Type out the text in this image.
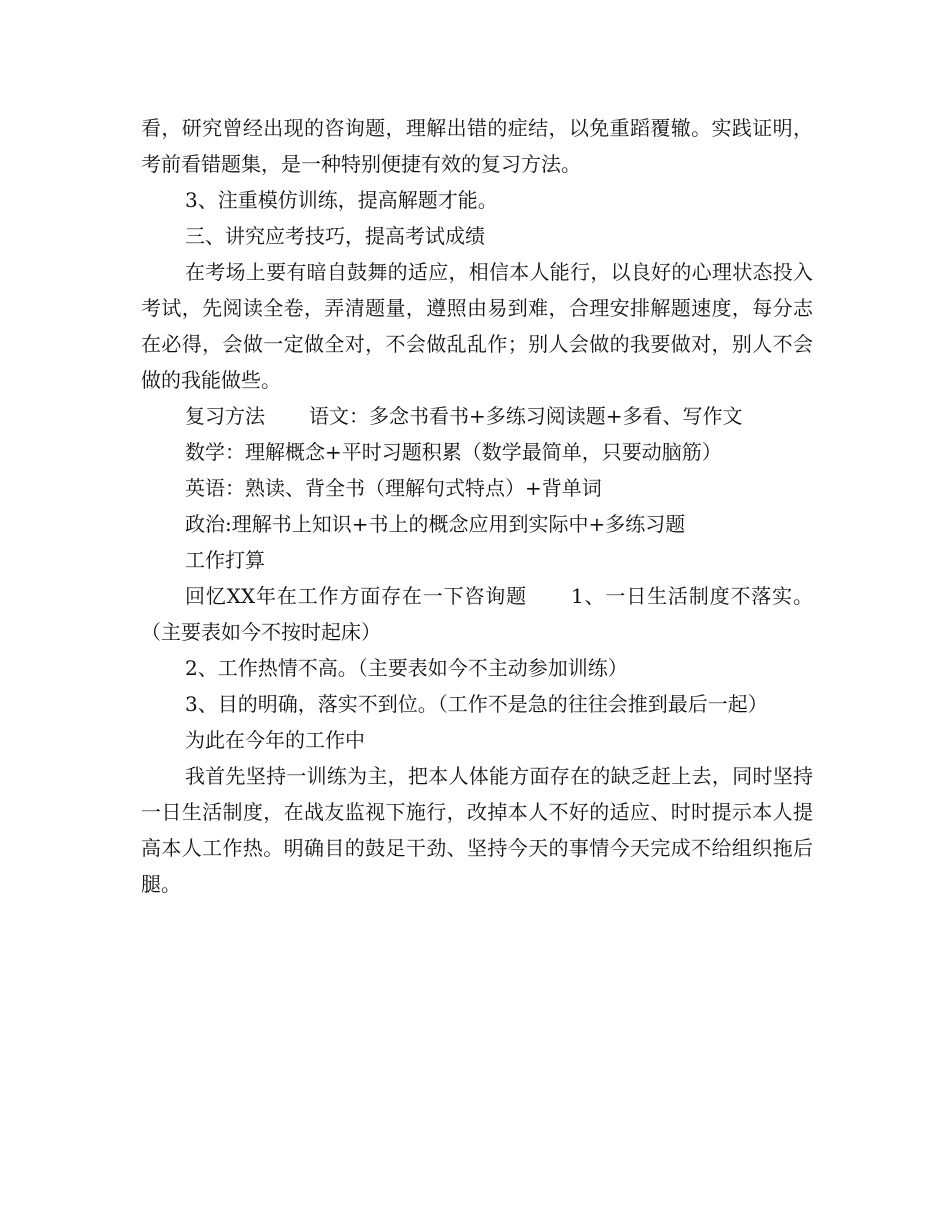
看，研究曾经出现的咨询题，理解出错的症结，以免重蹈覆辙。实践证明，考前看错题集，是一种特别便捷有效的复习方法。

3、注重模仿训练，提高解题才能。

三、讲究应考技巧，提高考试成绩

在考场上要有暗自鼓舞的适应，相信本人能行，以良好的心理状态投入考试，先阅读全卷，弄清题量，遵照由易到难，合理安排解题速度，每分志在必得，会做一定做全对，不会做乱乱作；别人会做的我要做对，别人不会做的我能做些。

复习方法 语文：多念书看书+多练习阅读题+多看、写作文

数学：理解概念+平时习题积累（数学最简单，只要动脑筋）

英语：熟读、背全书（理解句式特点）+背单词

政治:理解书上知识+书上的概念应用到实际中+多练习题

工作打算

回忆XX年在工作方面存在一下咨询题 1、一日生活制度不落实。（主要表如今不按时起床）

2、工作热情不高。（主要表如今不主动参加训练）

3、目的明确，落实不到位。（工作不是急的往往会推到最后一起）

为此在今年的工作中

我首先坚持一训练为主，把本人体能方面存在的缺乏赶上去，同时坚持一日生活制度，在战友监视下施行，改掉本人不好的适应、时时提示本人提高本人工作热。明确目的鼓足干劲、坚持今天的事情今天完成不给组织拖后腿。
